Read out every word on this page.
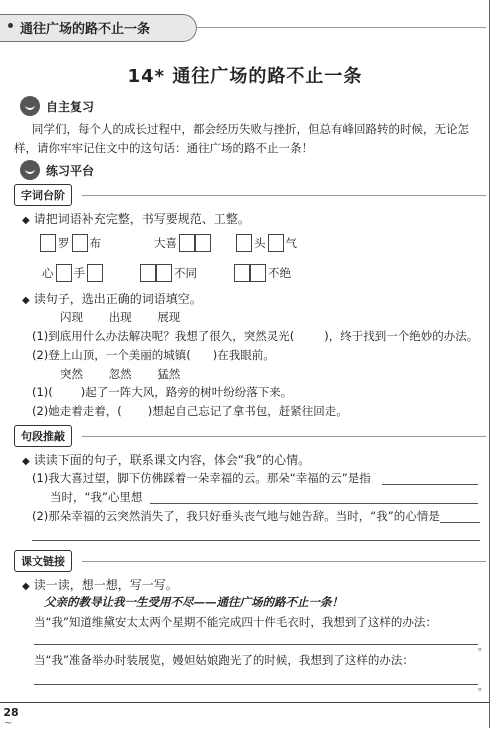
通往广场的路不止一条
14* 通往广场的路不止一条
自主复习
同学们，每个人的成长过程中，都会经历失败与挫折，但总有峰回路转的时候，无论怎
样，请你牢牢记住文中的这句话：通往广场的路不止一条！
练习平台
字词台阶
◆ 请把词语补充完整，书写要规范、工整。
罗 布	大喜	头 气
心 手	不同	不绝
◆ 读句子，选出正确的词语填空。
闪现 出现 展现
(1)到底用什么办法解决呢？我想了很久，突然灵光(	)，终于找到一个绝妙的办法。
(2)登上山顶，一个美丽的城镇( )在我眼前。
突然 忽然 猛然
(1)( )起了一阵大风，路旁的树叶纷纷落下来。
(2)她走着走着，( )想起自己忘记了拿书包，赶紧往回走。
句段推敲
◆ 读读下面的句子，联系课文内容，体会“我”的心情。
(1)我大喜过望，脚下仿佛踩着一朵幸福的云。那朵“幸福的云”是指
当时，“我”心里想
(2)那朵幸福的云突然消失了，我只好垂头丧气地与她告辞。当时，“我”的心情是
课文链接
◆ 读一读，想一想，写一写。
父亲的教导让我一生受用不尽——通往广场的路不止一条！
当“我”知道维黛安太太两个星期不能完成四十件毛衣时，我想到了这样的办法：
。
当“我”准备举办时装展览，嫚妲姑娘跑光了的时候，我想到了这样的办法：
。
28
~
